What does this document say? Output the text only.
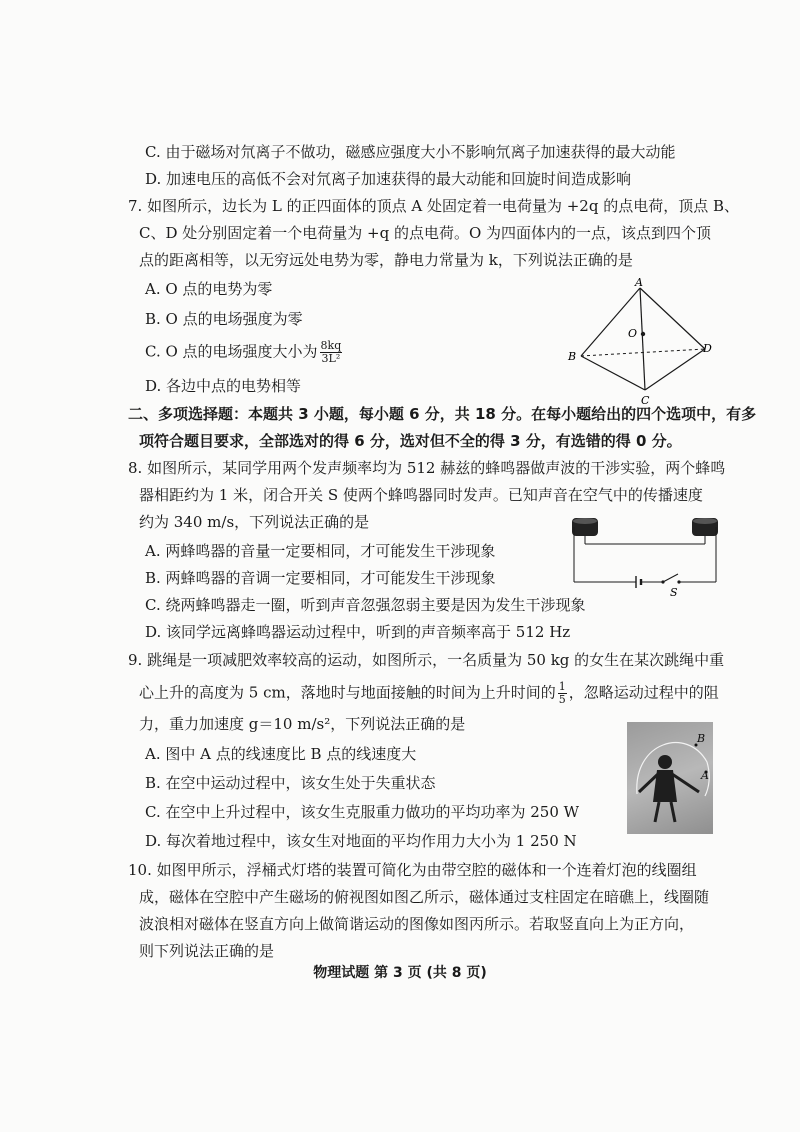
C. 由于磁场对氘离子不做功，磁感应强度大小不影响氘离子加速获得的最大动能
D. 加速电压的高低不会对氘离子加速获得的最大动能和回旋时间造成影响
7. 如图所示，边长为 L 的正四面体的顶点 A 处固定着一电荷量为 +2q 的点电荷，顶点 B、
C、D 处分别固定着一个电荷量为 +q 的点电荷。O 为四面体内的一点，该点到四个顶
点的距离相等，以无穷远处电势为零，静电力常量为 k，下列说法正确的是
A. O 点的电势为零
B. O 点的电场强度为零
C. O 点的电场强度大小为 $\frac{8kq}{\text{3L²}}$
D. 各边中点的电势相等
A
B
C
D
O
二、多项选择题：本题共 3 小题，每小题 6 分，共 18 分。在每小题给出的四个选项中，有多
项符合题目要求，全部选对的得 6 分，选对但不全的得 3 分，有选错的得 0 分。
8. 如图所示，某同学用两个发声频率均为 512 赫兹的蜂鸣器做声波的干涉实验，两个蜂鸣
器相距约为 1 米，闭合开关 S 使两个蜂鸣器同时发声。已知声音在空气中的传播速度
约为 340 m/s，下列说法正确的是
A. 两蜂鸣器的音量一定要相同，才可能发生干涉现象
B. 两蜂鸣器的音调一定要相同，才可能发生干涉现象
C. 绕两蜂鸣器走一圈，听到声音忽强忽弱主要是因为发生干涉现象
D. 该同学远离蜂鸣器运动过程中，听到的声音频率高于 512 Hz
S
9. 跳绳是一项减肥效率较高的运动，如图所示，一名质量为 50 kg 的女生在某次跳绳中重
心上升的高度为 5 cm，落地时与地面接触的时间为上升时间的 $\frac{1}{5}$ ，忽略运动过程中的阻
力，重力加速度 g＝10 m/s²，下列说法正确的是
A. 图中 A 点的线速度比 B 点的线速度大
B. 在空中运动过程中，该女生处于失重状态
C. 在空中上升过程中，该女生克服重力做功的平均功率为 250 W
D. 每次着地过程中，该女生对地面的平均作用力大小为 1 250 N
B
A
10. 如图甲所示，浮桶式灯塔的装置可简化为由带空腔的磁体和一个连着灯泡的线圈组
成，磁体在空腔中产生磁场的俯视图如图乙所示，磁体通过支柱固定在暗礁上，线圈随
波浪相对磁体在竖直方向上做简谐运动的图像如图丙所示。若取竖直向上为正方向，
则下列说法正确的是
物理试题 第 3 页 (共 8 页)
